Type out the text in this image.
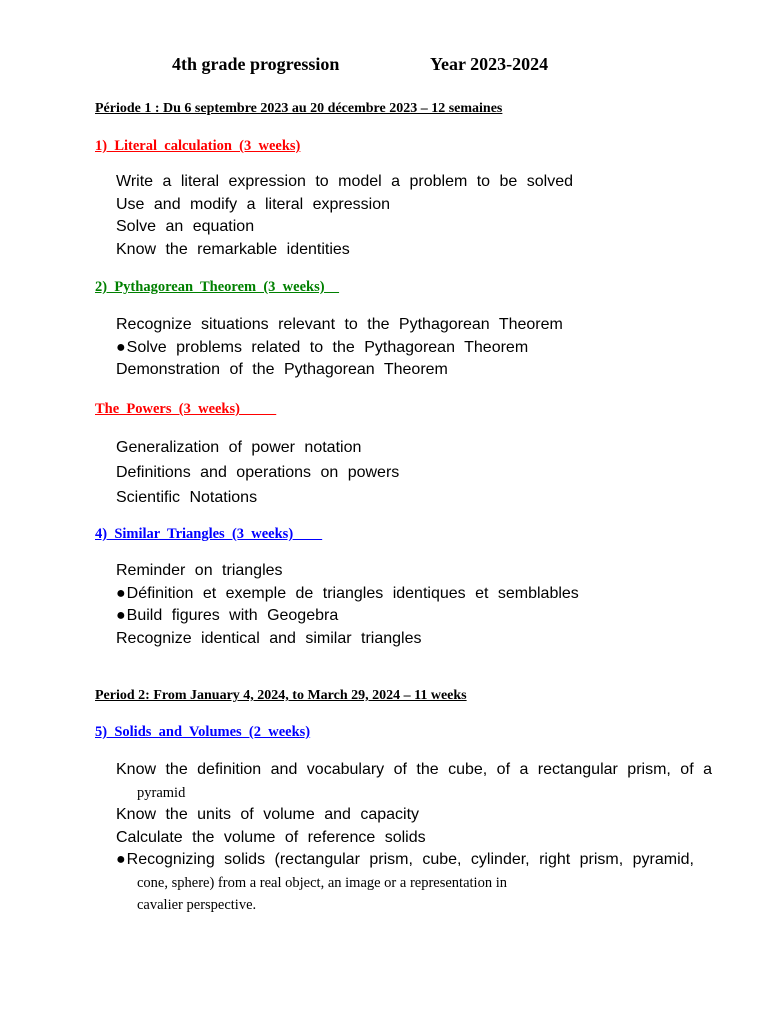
4th grade progression	Year 2023-2024
Période 1 : Du 6 septembre 2023 au 20 décembre 2023 – 12 semaines
1)  Literal  calculation  (3  weeks)
Write a literal expression to model a problem to be solved
Use and modify a literal expression
Solve an equation
Know the remarkable identities
2)  Pythagorean  Theorem  (3  weeks)
Recognize situations relevant to the Pythagorean Theorem
●Solve problems related to the Pythagorean Theorem
Demonstration of the Pythagorean Theorem
The  Powers  (3  weeks)
Generalization of power notation
Definitions and operations on powers
Scientific Notations
4)  Similar  Triangles  (3  weeks)
Reminder on triangles
●Définition et exemple de triangles identiques et semblables
●Build figures with Geogebra
Recognize identical and similar triangles
Period 2: From January 4, 2024, to March 29, 2024 – 11 weeks
5)  Solids  and  Volumes  (2  weeks)
Know the definition and vocabulary of the cube, of a rectangular prism, of a
pyramid
Know the units of volume and capacity
Calculate the volume of reference solids
●Recognizing solids (rectangular prism, cube, cylinder, right prism, pyramid,
cone, sphere) from a real object, an image or a representation in
cavalier perspective.
